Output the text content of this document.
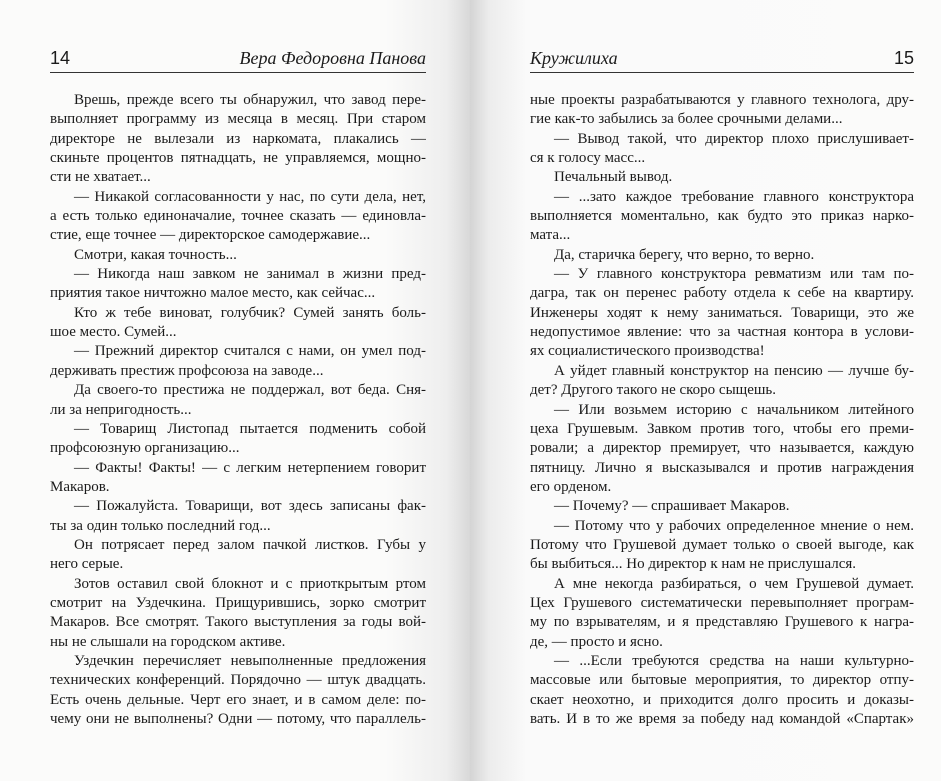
14	Вера Федоровна Панова
Врешь, прежде всего ты обнаружил, что завод пере-
выполняет программу из месяца в месяц. При старом
директоре не вылезали из наркомата, плакались —
скиньте процентов пятнадцать, не управляемся, мощно-
сти не хватает...
— Никакой согласованности у нас, по сути дела, нет,
а есть только единоначалие, точнее сказать — единовла-
стие, еще точнее — директорское самодержавие...
Смотри, какая точность...
— Никогда наш завком не занимал в жизни пред-
приятия такое ничтожно малое место, как сейчас...
Кто ж тебе виноват, голубчик? Сумей занять боль-
шое место. Сумей...
— Прежний директор считался с нами, он умел под-
держивать престиж профсоюза на заводе...
Да своего-то престижа не поддержал, вот беда. Сня-
ли за непригодность...
— Товарищ Листопад пытается подменить собой
профсоюзную организацию...
— Факты! Факты! — с легким нетерпением говорит
Макаров.
— Пожалуйста. Товарищи, вот здесь записаны фак-
ты за один только последний год...
Он потрясает перед залом пачкой листков. Губы у
него серые.
Зотов оставил свой блокнот и с приоткрытым ртом
смотрит на Уздечкина. Прищурившись, зорко смотрит
Макаров. Все смотрят. Такого выступления за годы вой-
ны не слышали на городском активе.
Уздечкин перечисляет невыполненные предложения
технических конференций. Порядочно — штук двадцать.
Есть очень дельные. Черт его знает, и в самом деле: по-
чему они не выполнены? Одни — потому, что параллель-
Кружилиха	15
ные проекты разрабатываются у главного технолога, дру-
гие как-то забылись за более срочными делами...
— Вывод такой, что директор плохо прислушивает-
ся к голосу масс...
Печальный вывод.
— ...зато каждое требование главного конструктора
выполняется моментально, как будто это приказ нарко-
мата...
Да, старичка берегу, что верно, то верно.
— У главного конструктора ревматизм или там по-
дагра, так он перенес работу отдела к себе на квартиру.
Инженеры ходят к нему заниматься. Товарищи, это же
недопустимое явление: что за частная контора в услови-
ях социалистического производства!
А уйдет главный конструктор на пенсию — лучше бу-
дет? Другого такого не скоро сыщешь.
— Или возьмем историю с начальником литейного
цеха Грушевым. Завком против того, чтобы его преми-
ровали; а директор премирует, что называется, каждую
пятницу. Лично я высказывался и против награждения
его орденом.
— Почему? — спрашивает Макаров.
— Потому что у рабочих определенное мнение о нем.
Потому что Грушевой думает только о своей выгоде, как
бы выбиться... Но директор к нам не прислушался.
А мне некогда разбираться, о чем Грушевой думает.
Цех Грушевого систематически перевыполняет програм-
му по взрывателям, и я представляю Грушевого к награ-
де, — просто и ясно.
— ...Если требуются средства на наши культурно-
массовые или бытовые мероприятия, то директор отпу-
скает неохотно, и приходится долго просить и доказы-
вать. И в то же время за победу над командой «Спартак»
